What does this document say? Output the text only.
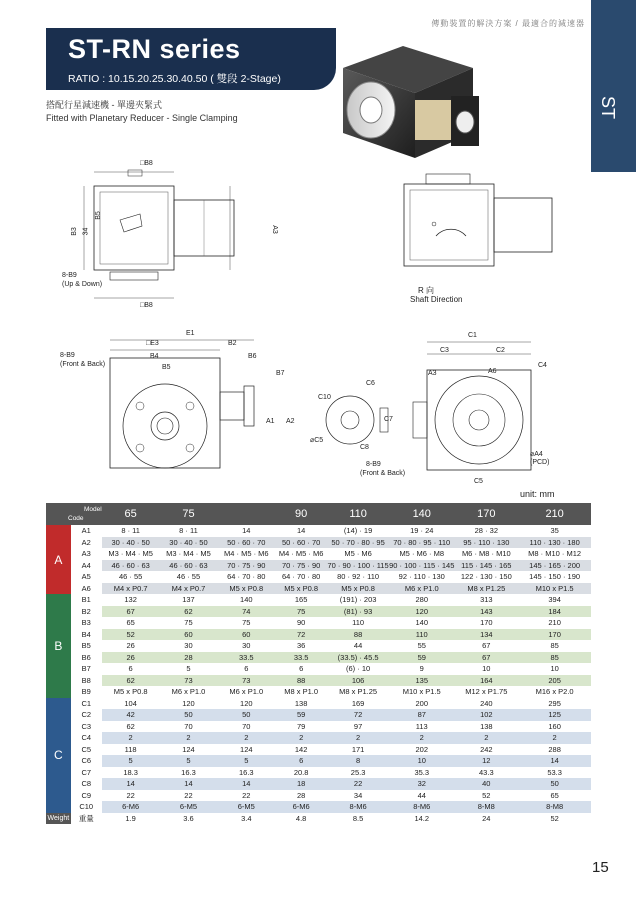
傳動裝置的解決方案 / 最適合的減速器
ST
ST-RN series
RATIO : 10.15.20.25.30.40.50 ( 雙段 2-Stage)
搭配行星減速機 - 單邊夾緊式
Fitted with Planetary Reducer - Single Clamping
□B8
□B8
B3 34
B5
A3
8-B9
(Up & Down)
R 向
Shaft Direction
E1
□E3	B2
B4	B6
B5
B7
8-B9
(Front & Back)
A1 A2
C6
C10
C7
⌀C5
C8
8-B9
(Front & Back)
C1
C3	C2
C4
A3	A6
⌀A4
(PCD)
C5
unit: mm
Model
Code		65	75		90	110	140	170	210
A	A1	8 · 11	8 · 11	14	14	(14) · 19	19 · 24	28 · 32	35
	A2	30 · 40 · 50	30 · 40 · 50	50 · 60 · 70	50 · 60 · 70	50 · 70 · 80 · 95	70 · 80 · 95 · 110	95 · 110 · 130	110 · 130 · 180
	A3	M3 · M4 · M5	M3 · M4 · M5	M4 · M5 · M6	M4 · M5 · M6	M5 · M6	M5 · M6 · M8	M6 · M8 · M10	M8 · M10 · M12
	A4	46 · 60 · 63	46 · 60 · 63	70 · 75 · 90	70 · 75 · 90	70 · 90 · 100 · 115	90 · 100 · 115 · 145	115 · 145 · 165	145 · 165 · 200
	A5	46 · 55	46 · 55	64 · 70 · 80	64 · 70 · 80	80 · 92 · 110	92 · 110 · 130	122 · 130 · 150	145 · 150 · 190
	A6	M4 x P0.7	M4 x P0.7	M5 x P0.8	M5 x P0.8	M5 x P0.8	M6 x P1.0	M8 x P1.25	M10 x P1.5
B	B1	132	137	140	165	(191) · 203	280	313	394
	B2	67	62	74	75	(81) · 93	120	143	184
	B3	65	75	75	90	110	140	170	210
	B4	52	60	60	72	88	110	134	170
	B5	26	30	30	36	44	55	67	85
	B6	26	28	33.5	33.5	(33.5) · 45.5	59	67	85
	B7	6	5	6	6	(6) · 10	9	10	10
	B8	62	73	73	88	106	135	164	205
	B9	M5 x P0.8	M6 x P1.0	M6 x P1.0	M8 x P1.0	M8 x P1.25	M10 x P1.5	M12 x P1.75	M16 x P2.0
C	C1	104	120	120	138	169	200	240	295
	C2	42	50	50	59	72	87	102	125
	C3	62	70	70	79	97	113	138	160
	C4	2	2	2	2	2	2	2	2
	C5	118	124	124	142	171	202	242	288
	C6	5	5	5	6	8	10	12	14
	C7	18.3	16.3	16.3	20.8	25.3	35.3	43.3	53.3
	C8	14	14	14	18	22	32	40	50
	C9	22	22	22	28	34	44	52	65
	C10	6-M6	6-M5	6-M5	6-M6	8-M6	8-M6	8-M8	8-M8
Weight	重量	1.9	3.6	3.4	4.8	8.5	14.2	24	52
15
